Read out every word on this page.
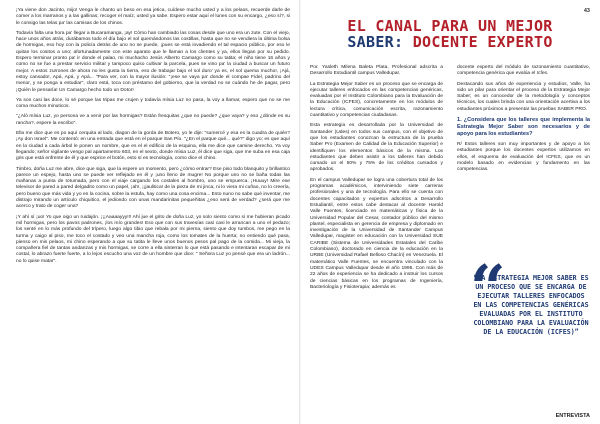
¡Ya viene don Jacinto, mijo! Venga le chanto un beso en esa jetica, cuídese mucho usted y a los pelaos, recuerde darle de comer a los marranos y a las gallinas; recoger el maíz, usted ya sabe. Espero estar aquí el lunes con su encargo, ¿eso sí?, si le consigo las telas pa' las camisas de los chinos.

Todavía falta una hora pa' llegar a Bucaramanga, ¡ay! Cómo han cambiado las cosas desde que uno era un zute. Con el viejo, hace unos años atrás, durábamos todo el día bajo el sol quemándonos las costillas, hasta que no se vendiera la última bolsa de hormigas, eso hoy con la policía detrás de uno no se puede, ¡pues se está invadiendo el tal espacio público, por eso le quitan los cositos a uno; afortunadamente con este aparato que le llaman a los clientes y ya, ellos llegan por su pedido. Espero terminar pronto pa' ir donde el palao, mi muchacho Jesús Alberto Camargo como su tatita; el niño tiene 16 años y como no se fue a prestar servicio militar y tampoco quiso cultivar la parcela, pues se vino pa' la ciudad a buscar un futuro mejor. A estos zurrones de ahora no les gusta la tierra, eso de trabajar bajo el sol duro' ya es, el sol quema mucho!, ¡Ajá, estoy cansado!, Apá, Apá, y Apá... "Para ver, con la mayor ilusión: "¡ese se vaya pa' donde el compae Fidel, padrino del menor, y se ponga a estudiar", claro está, toca con préstamo del gobierno, que la verdad no se cuándo he de pagar, pero ¡Quién le pensaría! Un Camargo hecho todo un Dotor!

Ya son casi las doce, lo sé porque las tripas me crujen y todavía mísia Luz no pasa, la voy a llamar, espero que no se me coma muchos minuticos.

"¿Aló mísia Luz, yo persona ve a venir por las hormigas? Están fresquitas ¿que no puede? ¿que vaya? y eso ¿dónde es su rancha?, espere la escribo".

Ella me dice que es po aquí cerquita al lado, diagon de la gorda de Botero, yo le dije: "sumercé y esa es la cuadra de quién? ¡Ay don Israel". Me contentó: en una entrada que está en el parque San Pío. "¿En el parque qué... qué?" digo yo; es que aquí en la ciudad a cada árbol le ponen un nombre, que es el el edificio de la esquina, ella me dice que camine derecho. Ya voy llegando; señor vigilante vengo pal apartamento 603, en el sexto, donde mísia Luz, él dice que siga, que me suba en esa caja gris que está enfrente de él y que esprice el botón, esto sí es tecnología, como dice el chino.

Timbro, doña Luz me abre, dice que siga, que la espere un momento, pero ¿cómo entrar? Ese piso todo blanquito y brillantico parece un espejo, hasta uno se puede ver reflejado en él y ¡uno lleno de mugre! No porque uno no se baña todas las mañanas a punta de totumada, pero con el viaje cargando los costales al hombro, uno se empuerca. ¡Huuuy! Mire ese televisor de pared a pared delgadito como un papel, ¡ah!, ¡¡jaulitica! de la pieza de mi jinca, ni lo viera mi cuñao, no lo creería, pero bueno que más vida y yo en la cocina, sobre la estufa, hay como una cosa encima... Esto nuno no sabe qué inventar, me distrajo mirando un artículo chiquitico, el jediondo con unas mandarinitas pequeñitas ¿eso será de verdad? ¿será que me acerco y trato de coger una?

¡Y ahí sí ¡uo! Yo que oigo un ruidajón. ¡¡¡Aaaaayyy!!! Ahí jue el grito de doña Luz, yo solo siento como si me hubieran picado mil hormigas, pero los pavos padrones, ¡los mío grandes! Eso que con sus travesías casi casi le arrancan a uno el pedazo; los senté en lo más profundo del trípero, luego algo tibio que rebala por mi pierna, siento que doy tumbos, me pego en la turma y caigo al piso, me toco el costado y veo una mancha roja, como los tomates de la huerta; no entiendo qué pasa, pienso en mis pelaos, mi chino esperando a que su tatita le lleve unos buenos pesos pal pago de la comida... Mi vieja, la compañera fiel de tantas andanzas y mis hormigas, se corre a ella sinterran lo que está pasando e intentaran escapar de mi costal, lo abrazo fuerte fuerte, a lo lejos escucho una voz de un hombre que dice: " Señora Luz yo pensé que era un ladrón... no lo quise matar".

43
EL CANAL PARA UN MEJOR
SABER: DOCENTE EXPERTO

Por. Yasleth Milena Baleta Plata, Profesional adscrita a Desarrollo Estudiantil campus Valledupar.

La Estrategia Mejor Saber es un proceso que se encarga de ejecutar talleres enfocados en las competencias genéricas, evaluadas por el Instituto Colombiano para la Evaluación de la Educación (ICFES), concretamente en los módulos de lectura crítica, comunicación escrita, razonamiento cuantitativo y competencias ciudadanas.

Esta estrategia es desarrollada por la Universidad de Santander (Udes) en todos sus campus, con el objetivo de que los estudiantes conozcan la estructura de la prueba Saber Pro (Examen de Calidad de la Educación Superior) e identifiquen los elementos básicos de la misma. Los estudiantes que deben asistir a los talleres han debido cursado un el 50% y 75% de los créditos cursados y aprobados.

En el campus Valledupar se logra una cobertura total de los programas académicos, interviniendo siete carreras profesionales y una de tecnología. Para ello se cuenta con docentes capacitados y expertos adscritos a Desarrollo Estudiantil, entre estos cabe destacar al docente Harold Valle Fuentes, licenciado en matemáticas y física de la Universidad Popular del Cesar, contador público del mismo plantel, especialista en gerencia de empresa y diplomado en investigación de la Universidad de Santander Campus Valledupar, magister en educación con la Universidad SUE CARIBE (Sistema de Universidades Estatales del Caribe Colombiano), doctorado en ciencia de la educación en la URBE (Universidad Rafael Belloso Chacín) en Venezuela. El matemático Valle Fuentes, se encuentra vinculado con la UDES Campus Valledupar desde el año 1995. Con más de 22 años de experiencia se ha dedicado a instruir los cursos de ciencias básicas en los programas de Ingeniería, Bacteriología y Fisioterapia; además es

docente experto del módulo de razonamiento cuantitativo, competencia genérica que evalúa el Icfes.

Destacando sus años de experiencia y estudios, Valle, ha sido un pilar para orientar el proceso de la Estrategia Mejor Saber; es un conocedor de la metodología y conceptos técnicos, los cuales brinda con una orientación acertiva a los estudiantes próximos a presentar las pruebas SABER PRO.

1. ¿Considera que los talleres que implementa la Estrategia Mejor Saber son necesarios y de apoyo para los estudiantes?

R/ Estos talleres son muy importantes y de apoyo a los estudiantes porque los docentes expertos utilizamos en ellos, el esquema de evaluación del ICFES, que es un modelo basado en evidencias y fundamento en las competencias.

“
“LA ESTRATEGIA MEJOR SABER ES UN PROCESO QUE SE ENCARGA DE EJECUTAR TALLERES ENFOCADOS EN LAS COMPETENCIAS GENÉRICAS EVALUADAS POR EL INSTITUTO COLOMBIANO PARA LA EVALUACIÓN DE LA EDUCACIÓN (ICFES)”
ENTREVISTA
